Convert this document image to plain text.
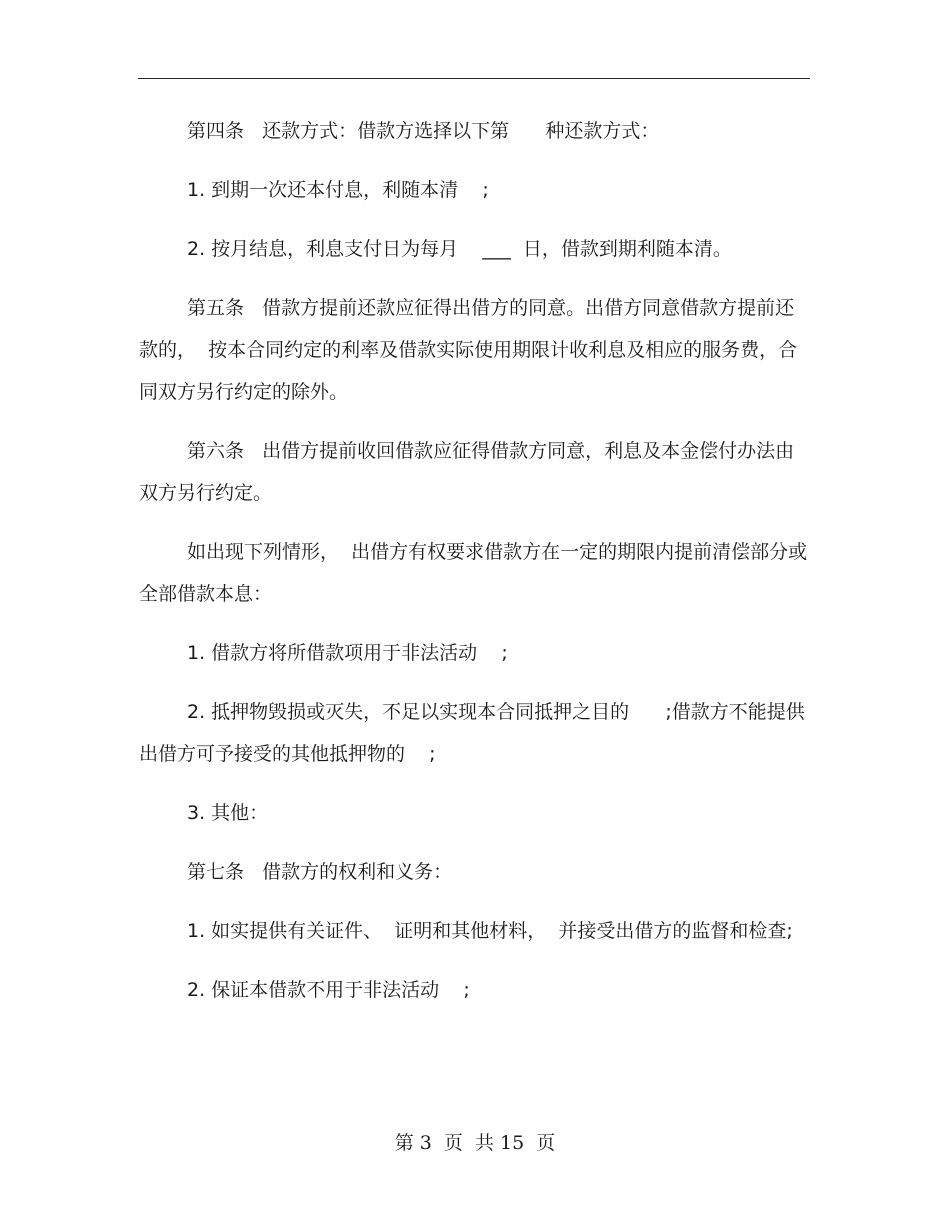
第四条   还款方式：借款方选择以下第      种还款方式：

1. 到期一次还本付息，利随本清    ;

2. 按月结息，利息支付日为每月    ___  日，借款到期利随本清。

第五条   借款方提前还款应征得出借方的同意。出借方同意借款方提前还款的，  按本合同约定的利率及借款实际使用期限计收利息及相应的服务费，合同双方另行约定的除外。

第六条   出借方提前收回借款应征得借款方同意，利息及本金偿付办法由双方另行约定。

如出现下列情形，  出借方有权要求借款方在一定的期限内提前清偿部分或全部借款本息：

1. 借款方将所借款项用于非法活动    ;

2. 抵押物毁损或灭失，不足以实现本合同抵押之目的      ;借款方不能提供出借方可予接受的其他抵押物的    ;

3. 其他：

第七条   借款方的权利和义务：

1. 如实提供有关证件、  证明和其他材料，  并接受出借方的监督和检查;

2. 保证本借款不用于非法活动    ;

第 3  页  共 15  页
